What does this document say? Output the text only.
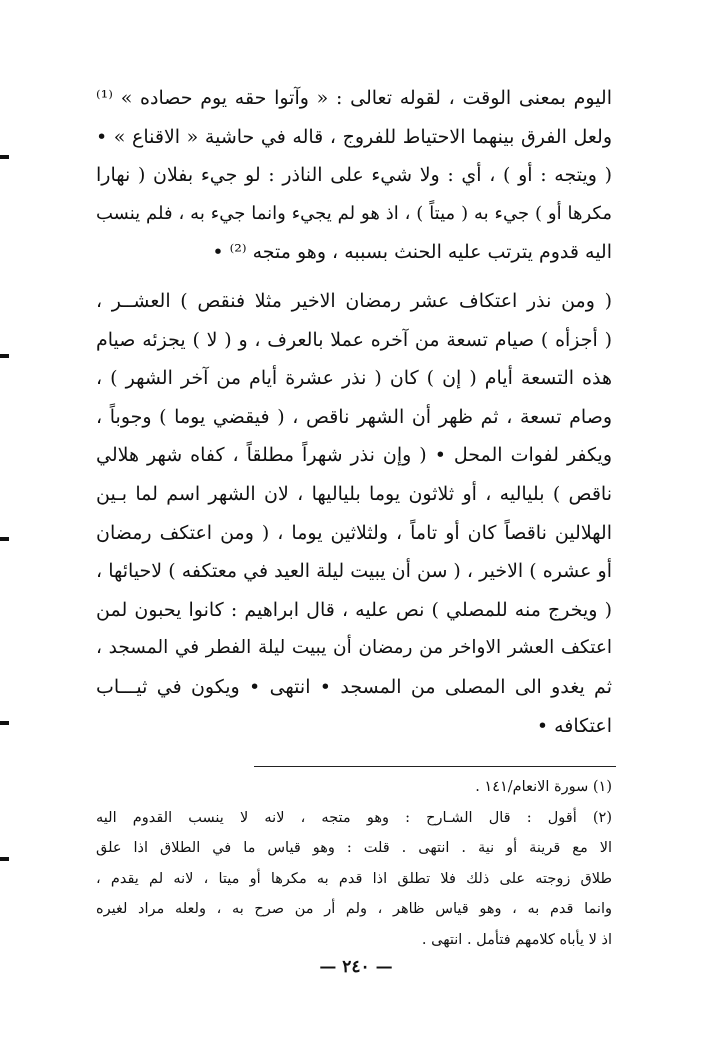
اليوم بمعنى الوقت ، لقوله تعالى : « وآتوا حقه يوم حصاده » ⁽¹⁾
ولعل الفرق بينهما الاحتياط للفروج ، قاله في حاشية « الاقناع » •
( ويتجه : أو ) ، أي : ولا شيء على الناذر : لو جيء بفلان ( نهارا
مكرها أو ) جيء به ( ميتاً ) ، اذ هو لم يجيء وانما جيء به ، فلم ينسب
اليه قدوم يترتب عليه الحنث بسببه ، وهو متجه ⁽²⁾ •
( ومن نذر اعتكاف عشر رمضان الاخير مثلا فنقص ) العشــر ،
( أجزأه ) صيام تسعة من آخره عملا بالعرف ، و ( لا ) يجزئه صيام
هذه التسعة أيام ( إن ) كان ( نذر عشرة أيام من آخر الشهر ) ،
وصام تسعة ، ثم ظهر أن الشهر ناقص ، ( فيقضي يوما ) وجوباً ،
ويكفر لفوات المحل • ( وإن نذر شهراً مطلقاً ، كفاه شهر هلالي
ناقص ) بلياليه ، أو ثلاثون يوما بلياليها ، لان الشهر اسم لما بـين
الهلالين ناقصاً كان أو تاماً ، ولثلاثين يوما ، ( ومن اعتكف رمضان
أو عشره ) الاخير ، ( سن أن يبيت ليلة العيد في معتكفه ) لاحيائها ،
( ويخرج منه للمصلي ) نص عليه ، قال ابراهيم : كانوا يحبون لمن
اعتكف العشر الاواخر من رمضان أن يبيت ليلة الفطر في المسجد ،
ثم يغدو الى المصلى من المسجد • انتهى • ويكون في ثيـــاب
اعتكافه •
(١) سورة الانعام/١٤١ .
(٢) أقول : قال الشـارح : وهو متجه ، لانه لا ينسب القدوم اليه
الا مع قرينة أو نية . انتهى . قلت : وهو قياس ما في الطلاق اذا علق
طلاق زوجته على ذلك فلا تطلق اذا قدم به مكرها أو ميتا ، لانه لم يقدم ،
وانما قدم به ، وهو قياس ظاهر ، ولم أر من صرح به ، ولعله مراد لغيره
اذ لا يأباه كلامهم فتأمل . انتهى .
— ٢٤٠ —
